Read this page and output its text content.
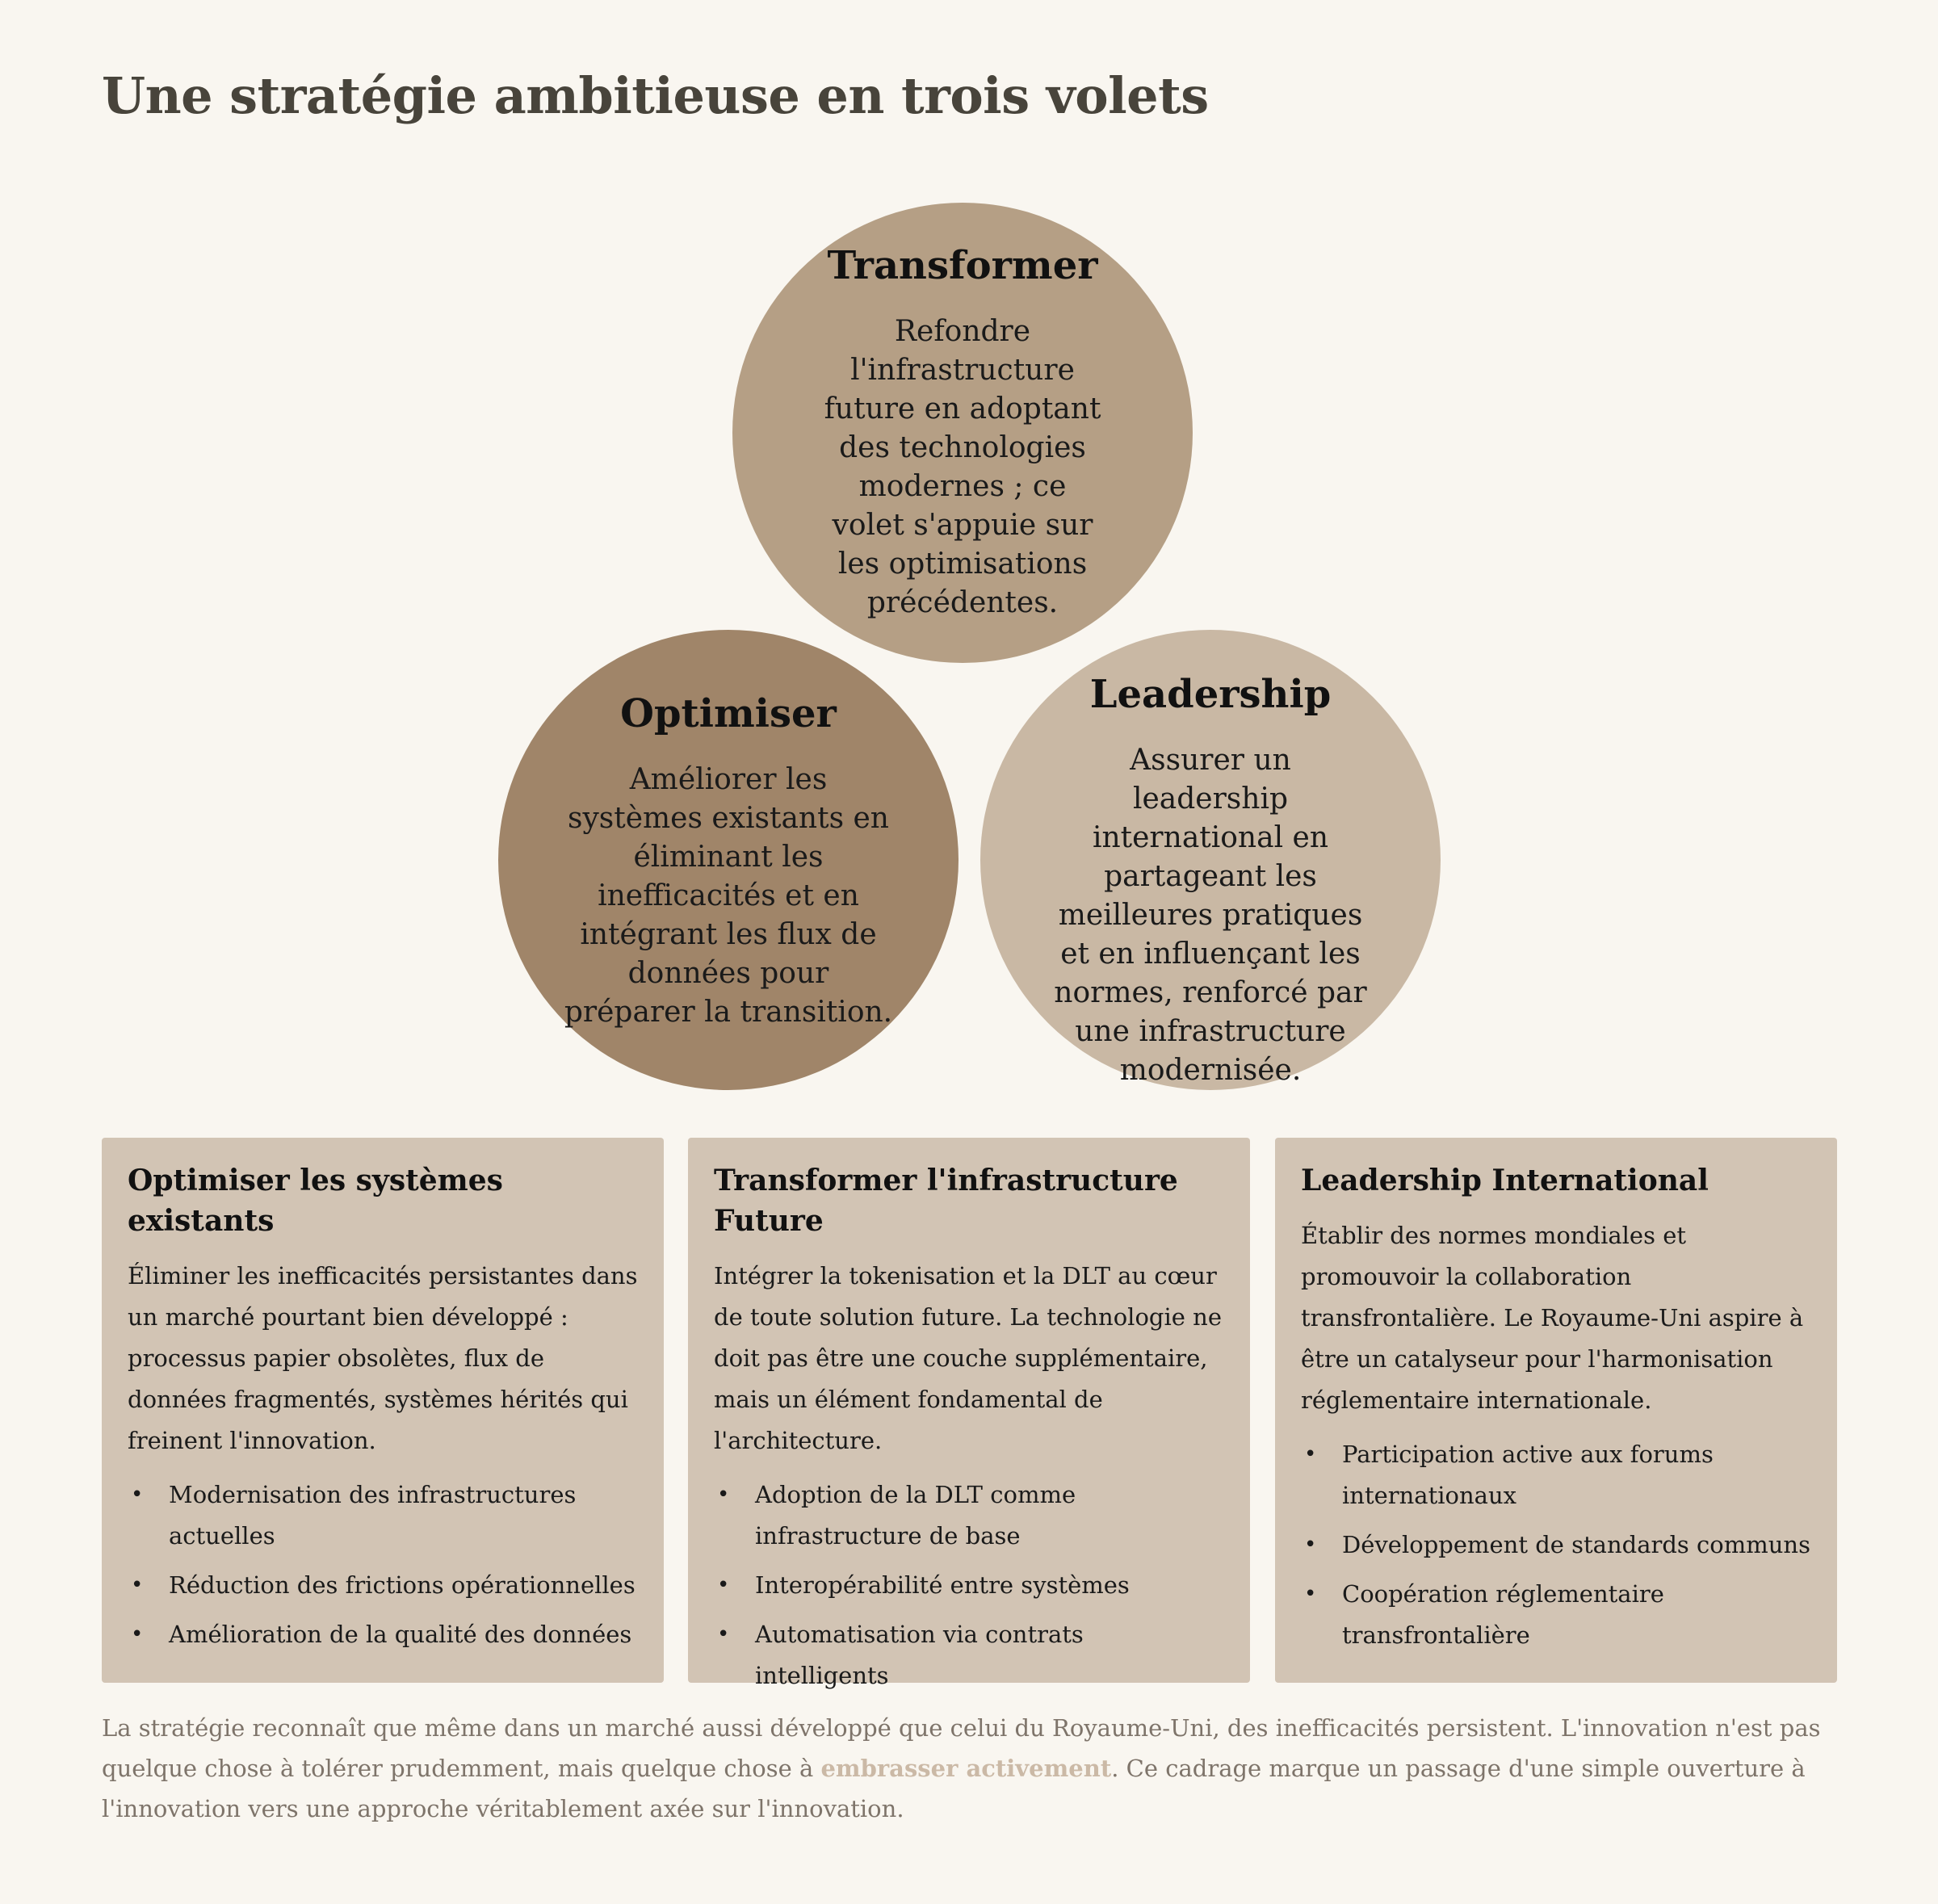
Une stratégie ambitieuse en trois volets
Transformer

Refondre l'infrastructure future en adoptant des technologies modernes ; ce volet s'appuie sur les optimisations précédentes.

Optimiser

Améliorer les systèmes existants en éliminant les inefficacités et en intégrant les flux de données pour préparer la transition.

Leadership

Assurer un leadership international en partageant les meilleures pratiques et en influençant les normes, renforcé par une infrastructure modernisée.

Optimiser les systèmes existants

Éliminer les inefficacités persistantes dans un marché pourtant bien développé : processus papier obsolètes, flux de données fragmentés, systèmes hérités qui freinent l'innovation.

• Modernisation des infrastructures actuelles
• Réduction des frictions opérationnelles
• Amélioration de la qualité des données
Transformer l'infrastructure Future

Intégrer la tokenisation et la DLT au cœur de toute solution future. La technologie ne doit pas être une couche supplémentaire, mais un élément fondamental de l'architecture.

• Adoption de la DLT comme infrastructure de base
• Interopérabilité entre systèmes
• Automatisation via contrats intelligents
Leadership International

Établir des normes mondiales et promouvoir la collaboration transfrontalière. Le Royaume-Uni aspire à être un catalyseur pour l'harmonisation réglementaire internationale.

• Participation active aux forums internationaux
• Développement de standards communs
• Coopération réglementaire transfrontalière

La stratégie reconnaît que même dans un marché aussi développé que celui du Royaume-Uni, des inefficacités persistent. L'innovation n'est pas quelque chose à tolérer prudemment, mais quelque chose à embrasser activement. Ce cadrage marque un passage d'une simple ouverture à l'innovation vers une approche véritablement axée sur l'innovation.
